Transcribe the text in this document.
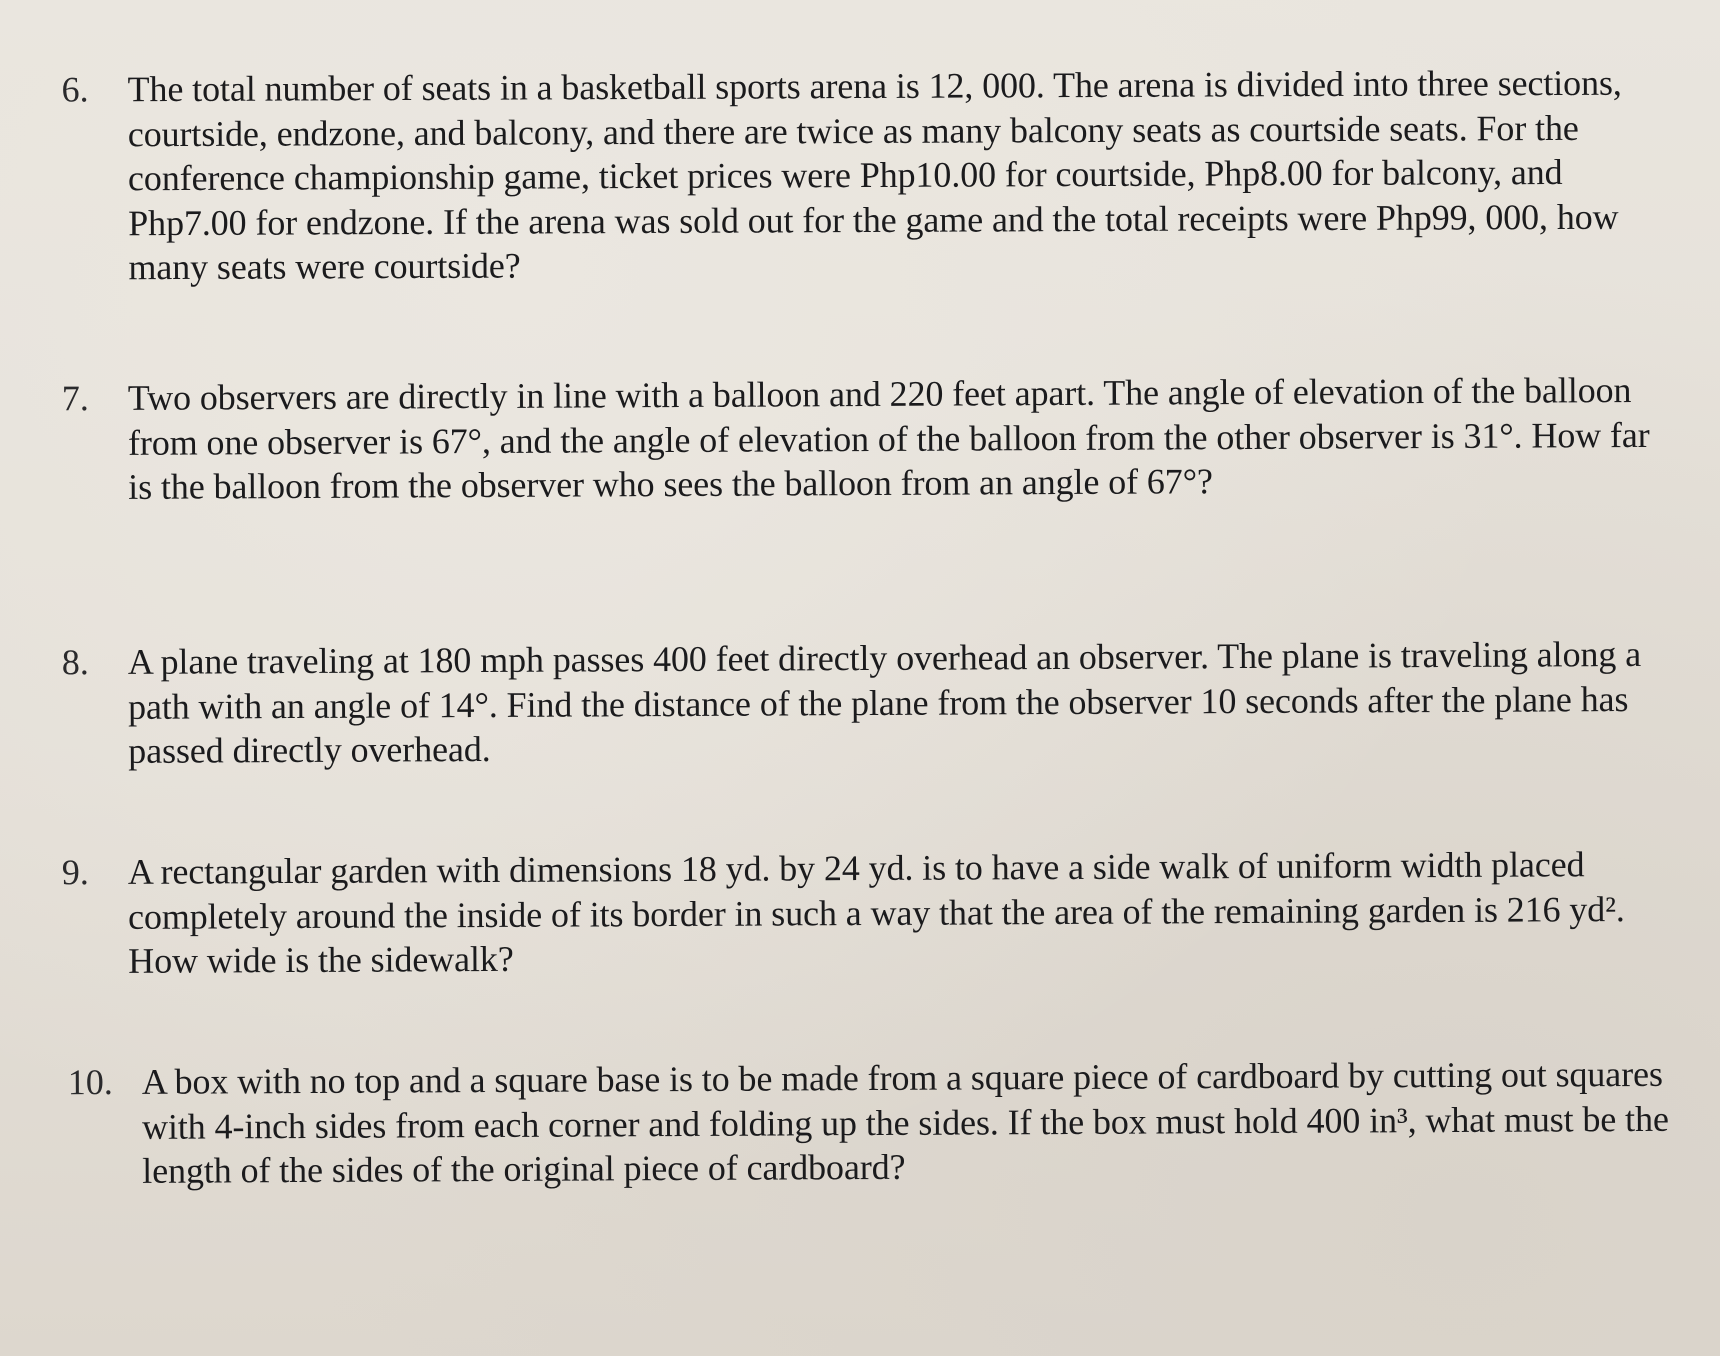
6.	The total number of seats in a basketball sports arena is 12, 000. The arena is divided into three sections, courtside, endzone, and balcony, and there are twice as many balcony seats as courtside seats. For the conference championship game, ticket prices were Php10.00 for courtside, Php8.00 for balcony, and Php7.00 for endzone. If the arena was sold out for the game and the total receipts were Php99, 000, how many seats were courtside?
7.	Two observers are directly in line with a balloon and 220 feet apart. The angle of elevation of the balloon from one observer is 67°, and the angle of elevation of the balloon from the other observer is 31°. How far is the balloon from the observer who sees the balloon from an angle of 67°?
8.	A plane traveling at 180 mph passes 400 feet directly overhead an observer. The plane is traveling along a path with an angle of 14°. Find the distance of the plane from the observer 10 seconds after the plane has passed directly overhead.
9.	A rectangular garden with dimensions 18 yd. by 24 yd. is to have a side walk of uniform width placed completely around the inside of its border in such a way that the area of the remaining garden is 216 yd². How wide is the sidewalk?
10. A box with no top and a square base is to be made from a square piece of cardboard by cutting out squares with 4-inch sides from each corner and folding up the sides. If the box must hold 400 in³, what must be the length of the sides of the original piece of cardboard?
